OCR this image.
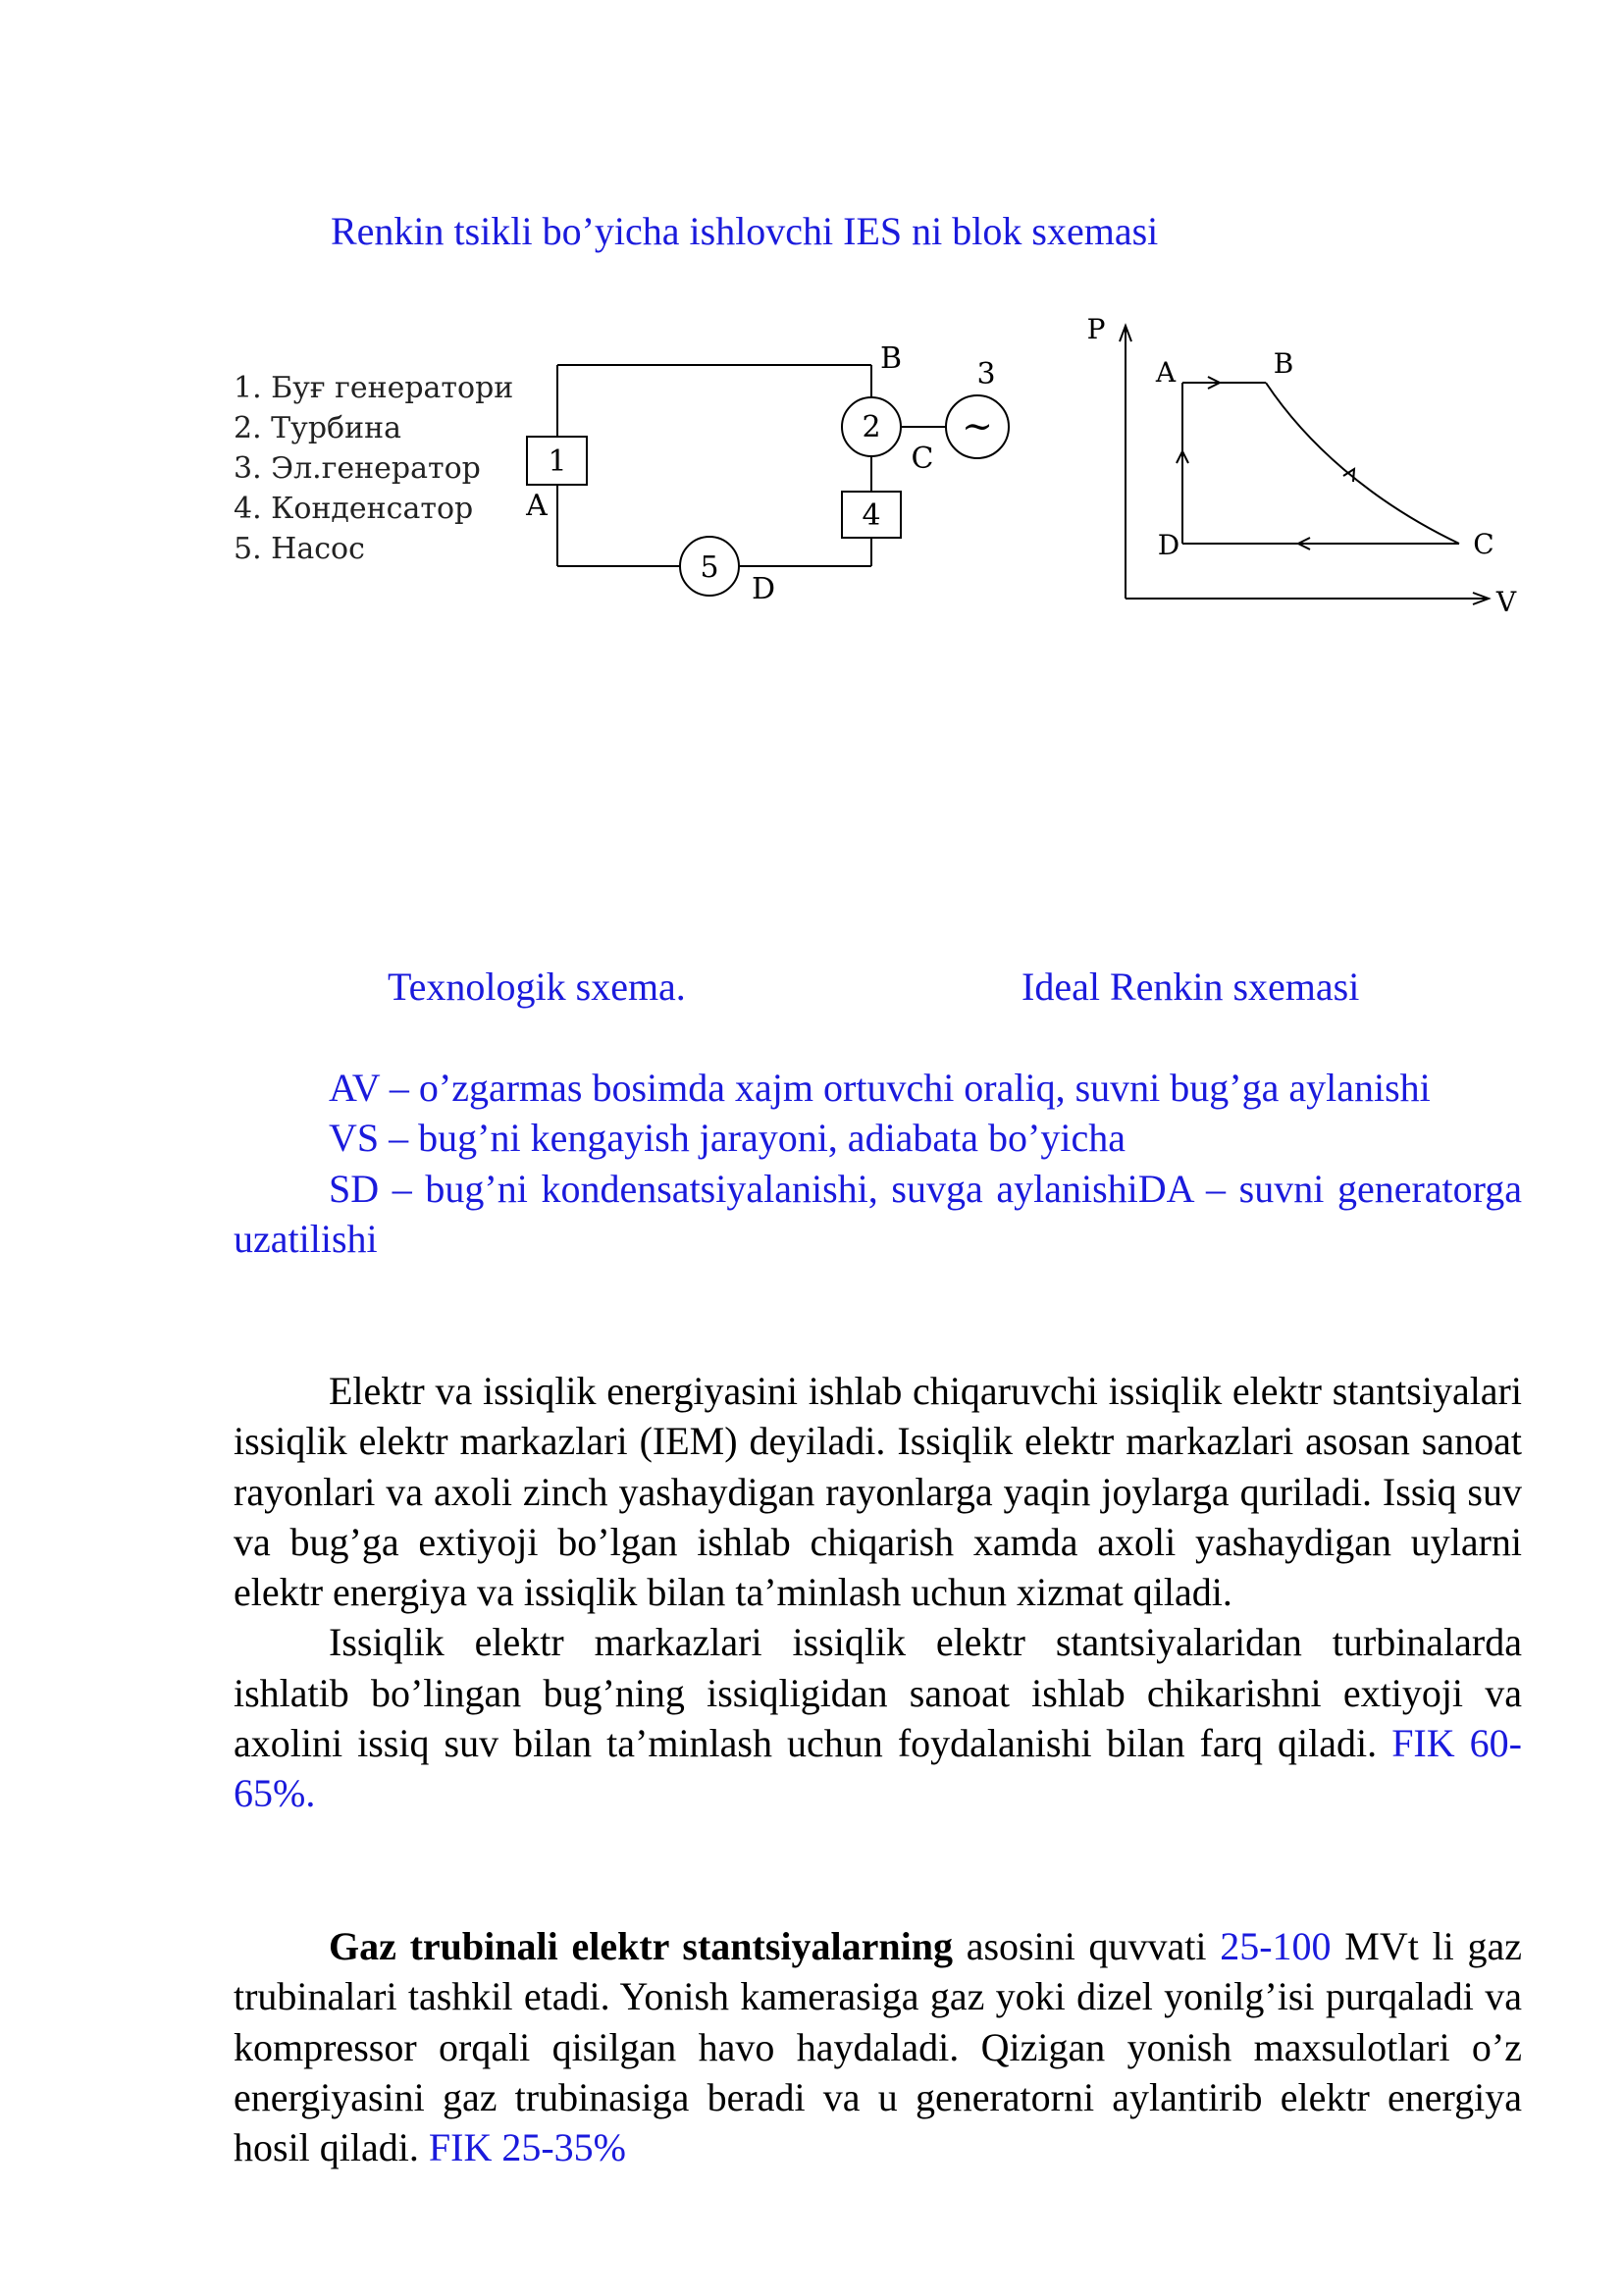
Renkin tsikli bo’yicha ishlovchi IES ni blok sxemasi
1. Буғ генератори
2. Турбина
3. Эл.генератор
4. Конденсатор
5. Насос
1
2
3
~
4
5
A
B
C
D
P
V
A	B
C
D
Texnologik sxema.	Ideal Renkin sxemasi

AV – o’zgarmas bosimda xajm ortuvchi oraliq, suvni bug’ga aylanishi

VS – bug’ni kengayish jarayoni, adiabata bo’yicha

SD – bug’ni kondensatsiyalanishi, suvga aylanishiDA – suvni generatorga uzatilishi

Elektr va issiqlik energiyasini ishlab chiqaruvchi issiqlik elektr stantsiyalari issiqlik elektr markazlari (IEM) deyiladi. Issiqlik elektr markazlari asosan sanoat rayonlari va axoli zinch yashaydigan rayonlarga yaqin joylarga quriladi. Issiq suv va bug’ga extiyoji bo’lgan ishlab chiqarish xamda axoli yashaydigan uylarni elektr energiya va issiqlik bilan ta’minlash uchun xizmat qiladi.

Issiqlik elektr markazlari issiqlik elektr stantsiyalaridan turbinalarda ishlatib bo’lingan bug’ning issiqligidan sanoat ishlab chikarishni extiyoji va axolini issiq suv bilan ta’minlash uchun foydalanishi bilan farq qiladi. FIK 60-65%.

Gaz trubinali elektr stantsiyalarning asosini quvvati 25-100 MVt li gaz trubinalari tashkil etadi. Yonish kamerasiga gaz yoki dizel yonilg’isi purqaladi va kompressor orqali qisilgan havo haydaladi. Qizigan yonish maxsulotlari o’z energiyasini gaz trubinasiga beradi va u generatorni aylantirib elektr energiya hosil qiladi. FIK 25-35%
